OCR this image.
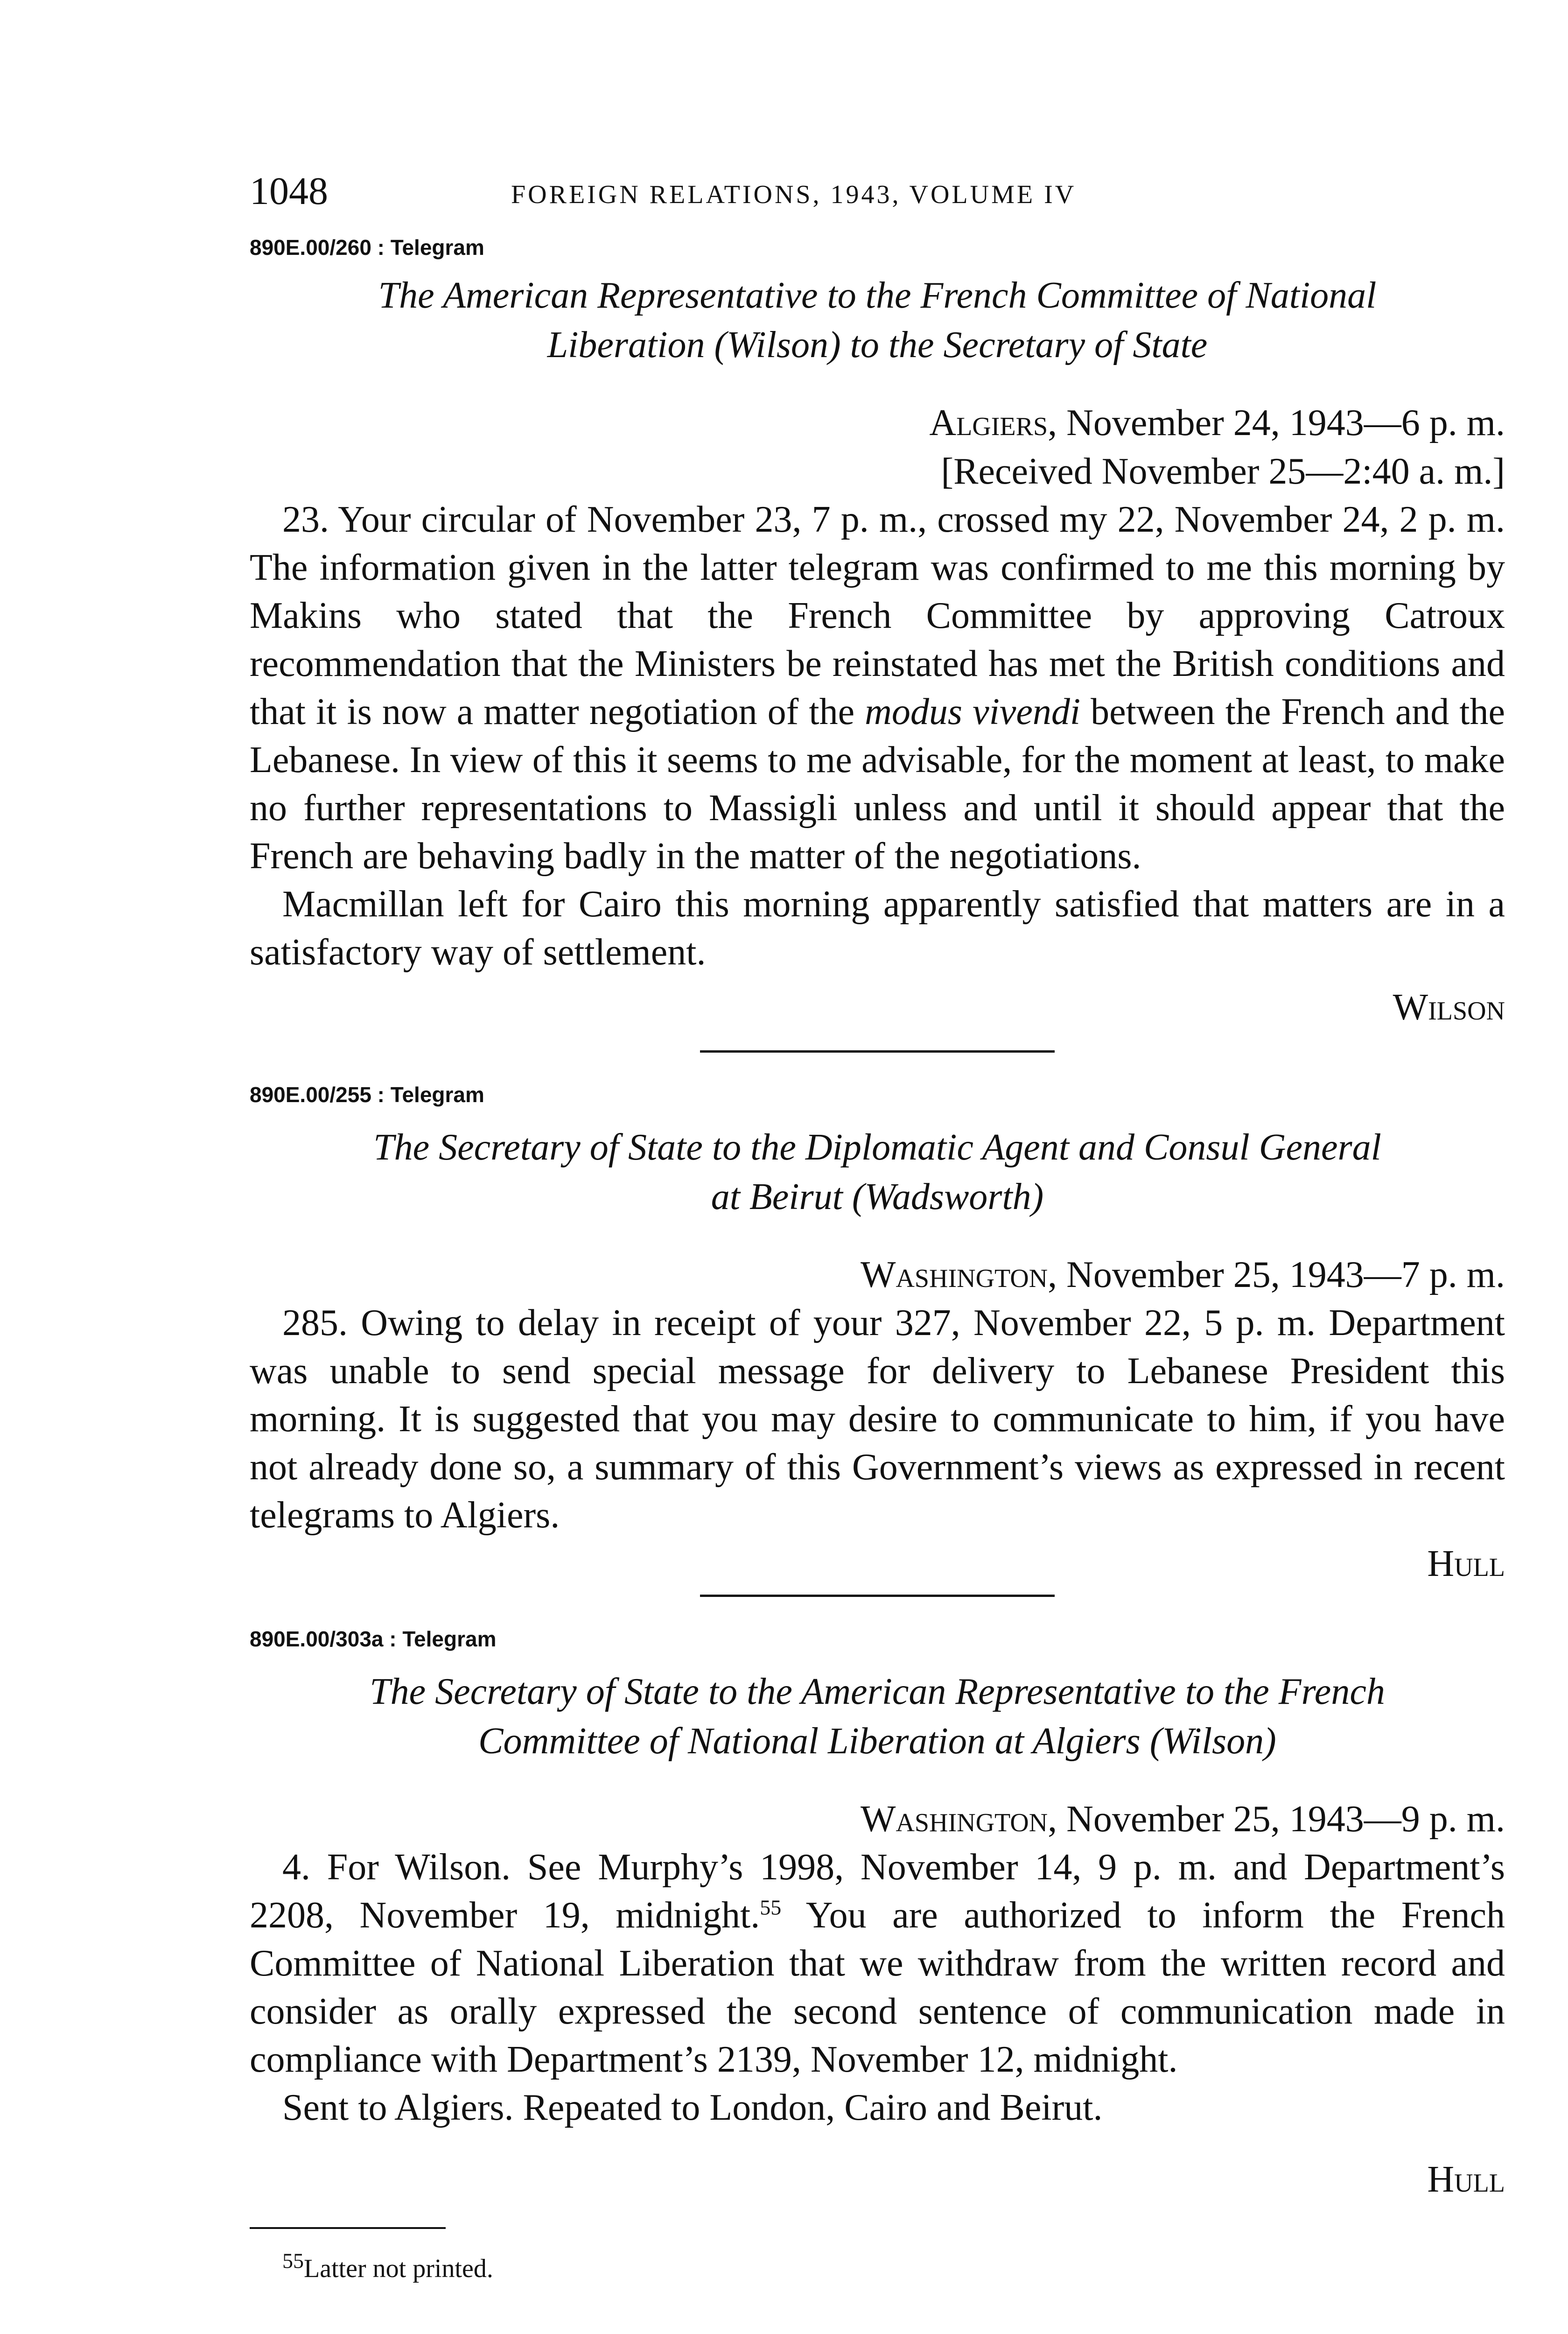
1048	FOREIGN RELATIONS, 1943, VOLUME IV

890E.00/260 : Telegram

The American Representative to the French Committee of National
Liberation (Wilson) to the Secretary of State

Algiers, November 24, 1943—6 p. m.

[Received November 25—2:40 a. m.]

23. Your circular of November 23, 7 p. m., crossed my 22, November 24, 2 p. m. The information given in the latter telegram was confirmed to me this morning by Makins who stated that the French Committee by approving Catroux recommendation that the Ministers be reinstated has met the British conditions and that it is now a matter negotiation of the modus vivendi between the French and the Lebanese. In view of this it seems to me advisable, for the moment at least, to make no further representations to Massigli unless and until it should appear that the French are behaving badly in the matter of the negotiations.

Macmillan left for Cairo this morning apparently satisfied that matters are in a satisfactory way of settlement.

Wilson

890E.00/255 : Telegram

The Secretary of State to the Diplomatic Agent and Consul General
at Beirut (Wadsworth)

Washington, November 25, 1943—7 p. m.

285. Owing to delay in receipt of your 327, November 22, 5 p. m. Department was unable to send special message for delivery to Lebanese President this morning. It is suggested that you may desire to communicate to him, if you have not already done so, a summary of this Government’s views as expressed in recent telegrams to Algiers.

Hull

890E.00/303a : Telegram

The Secretary of State to the American Representative to the French
Committee of National Liberation at Algiers (Wilson)

Washington, November 25, 1943—9 p. m.

4. For Wilson. See Murphy’s 1998, November 14, 9 p. m. and Department’s 2208, November 19, midnight.$^{55}$ You are authorized to inform the French Committee of National Liberation that we withdraw from the written record and consider as orally expressed the second sentence of communication made in compliance with Department’s 2139, November 12, midnight.

Sent to Algiers. Repeated to London, Cairo and Beirut.

Hull

$^{55}$Latter not printed.
